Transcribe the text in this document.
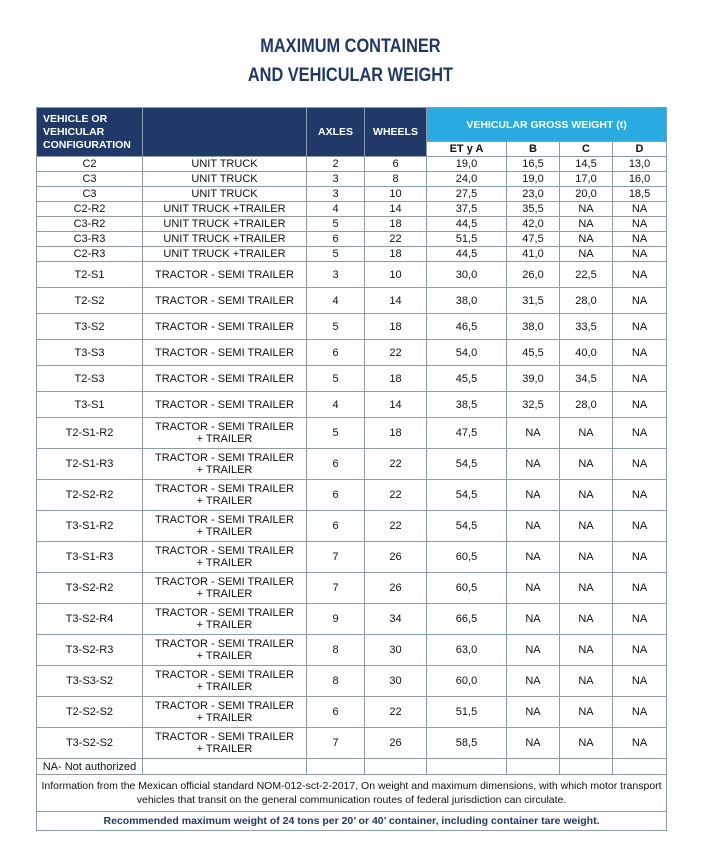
MAXIMUM CONTAINER
AND VEHICULAR WEIGHT
VEHICLE OR VEHICULAR CONFIGURATION		AXLES	WHEELS	VEHICULAR GROSS WEIGHT (t)			
				ET y A	B	C	D
C2	UNIT TRUCK	2	6	19,0	16,5	14,5	13,0
C3	UNIT TRUCK	3	8	24,0	19,0	17,0	16,0
C3	UNIT TRUCK	3	10	27,5	23,0	20,0	18,5
C2-R2	UNIT TRUCK +TRAILER	4	14	37,5	35,5	NA	NA
C3-R2	UNIT TRUCK +TRAILER	5	18	44,5	42,0	NA	NA
C3-R3	UNIT TRUCK +TRAILER	6	22	51,5	47,5	NA	NA
C2-R3	UNIT TRUCK +TRAILER	5	18	44,5	41,0	NA	NA
T2-S1	TRACTOR - SEMI TRAILER	3	10	30,0	26,0	22,5	NA
T2-S2	TRACTOR - SEMI TRAILER	4	14	38,0	31,5	28,0	NA
T3-S2	TRACTOR - SEMI TRAILER	5	18	46,5	38,0	33,5	NA
T3-S3	TRACTOR - SEMI TRAILER	6	22	54,0	45,5	40,0	NA
T2-S3	TRACTOR - SEMI TRAILER	5	18	45,5	39,0	34,5	NA
T3-S1	TRACTOR - SEMI TRAILER	4	14	38,5	32,5	28,0	NA
T2-S1-R2	TRACTOR - SEMI TRAILER
+ TRAILER	5	18	47,5	NA	NA	NA
T2-S1-R3	TRACTOR - SEMI TRAILER
+ TRAILER	6	22	54,5	NA	NA	NA
T2-S2-R2	TRACTOR - SEMI TRAILER
+ TRAILER	6	22	54,5	NA	NA	NA
T3-S1-R2	TRACTOR - SEMI TRAILER
+ TRAILER	6	22	54,5	NA	NA	NA
T3-S1-R3	TRACTOR - SEMI TRAILER
+ TRAILER	7	26	60,5	NA	NA	NA
T3-S2-R2	TRACTOR - SEMI TRAILER
+ TRAILER	7	26	60,5	NA	NA	NA
T3-S2-R4	TRACTOR - SEMI TRAILER
+ TRAILER	9	34	66,5	NA	NA	NA
T3-S2-R3	TRACTOR - SEMI TRAILER
+ TRAILER	8	30	63,0	NA	NA	NA
T3-S3-S2	TRACTOR - SEMI TRAILER
+ TRAILER	8	30	60,0	NA	NA	NA
T2-S2-S2	TRACTOR - SEMI TRAILER
+ TRAILER	6	22	51,5	NA	NA	NA
T3-S2-S2	TRACTOR - SEMI TRAILER
+ TRAILER	7	26	58,5	NA	NA	NA
NA- Not authorized							
Information from the Mexican official standard NOM-012-sct-2-2017, On weight and maximum dimensions, with which motor transport vehicles that transit on the general communication routes of federal jurisdiction can circulate.							
Recommended maximum weight of 24 tons per 20’ or 40’ container, including container tare weight.							
